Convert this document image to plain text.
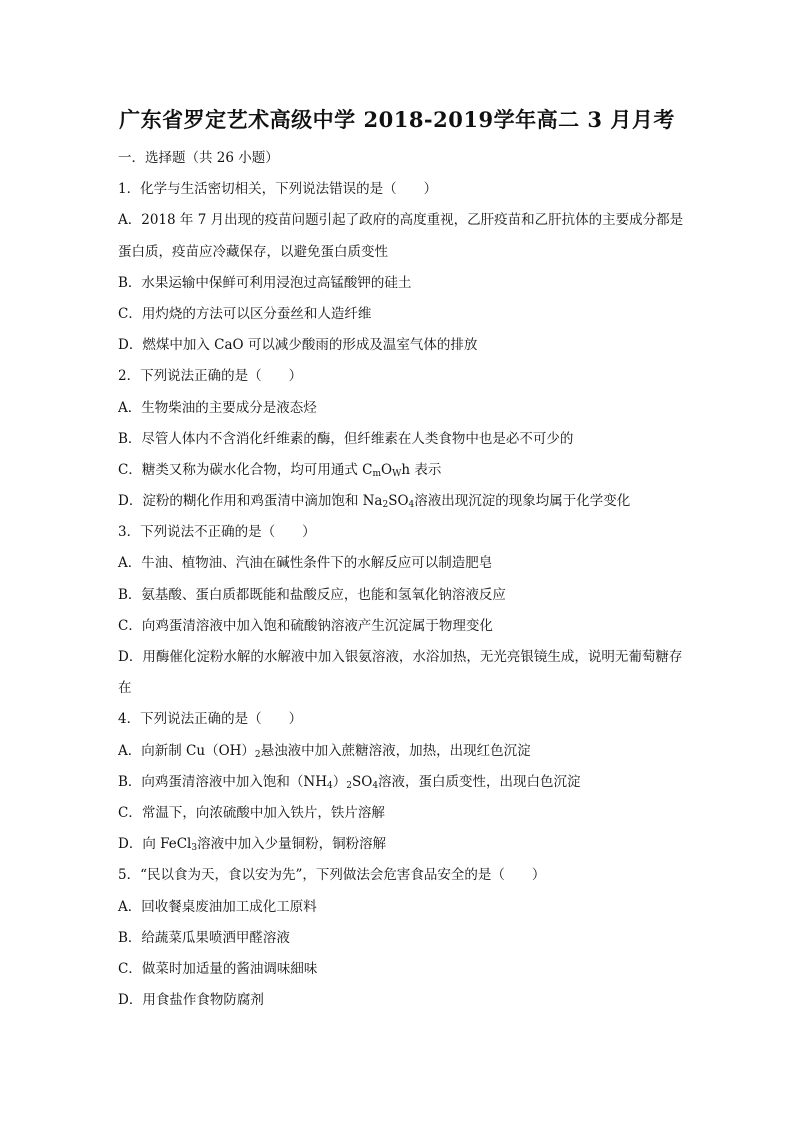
广东省罗定艺术高级中学 2018-2019学年高二 3 月月考
一．选择题（共 26 小题）
1．化学与生活密切相关，下列说法错误的是（　　）
A．2018 年 7 月出现的疫苗问题引起了政府的高度重视，乙肝疫苗和乙肝抗体的主要成分都是蛋白质，疫苗应冷藏保存，以避免蛋白质变性
B．水果运输中保鲜可利用浸泡过高锰酸钾的硅土
C．用灼烧的方法可以区分蚕丝和人造纤维
D．燃煤中加入 CaO 可以减少酸雨的形成及温室气体的排放
2．下列说法正确的是（　　）
A．生物柴油的主要成分是液态烃
B．尽管人体内不含消化纤维素的酶，但纤维素在人类食物中也是必不可少的
C．糖类又称为碳水化合物，均可用通式 $C_mO_Wh$ 表示
D．淀粉的糊化作用和鸡蛋清中滴加饱和 $Na_2SO_4$溶液出现沉淀的现象均属于化学变化
3．下列说法不正确的是（　　）
A．牛油、植物油、汽油在碱性条件下的水解反应可以制造肥皂
B．氨基酸、蛋白质都既能和盐酸反应，也能和氢氧化钠溶液反应
C．向鸡蛋清溶液中加入饱和硫酸钠溶液产生沉淀属于物理变化
D．用酶催化淀粉水解的水解液中加入银氨溶液，水浴加热，无光亮银镜生成，说明无葡萄糖存在
4．下列说法正确的是（　　）
A．向新制 $Cu(OH)_2$悬浊液中加入蔗糖溶液，加热，出现红色沉淀
B．向鸡蛋清溶液中加入饱和$(NH_4)_2SO_4$溶液，蛋白质变性，出现白色沉淀
C．常温下，向浓硫酸中加入铁片，铁片溶解
D．向 FeCl$_3$溶液中加入少量铜粉，铜粉溶解
5．“民以食为天，食以安为先”，下列做法会危害食品安全的是（　　）
A．回收餐桌废油加工成化工原料
B．给蔬菜瓜果喷洒甲醛溶液
C．做菜时加适量的酱油调味細味
D．用食盐作食物防腐剂
